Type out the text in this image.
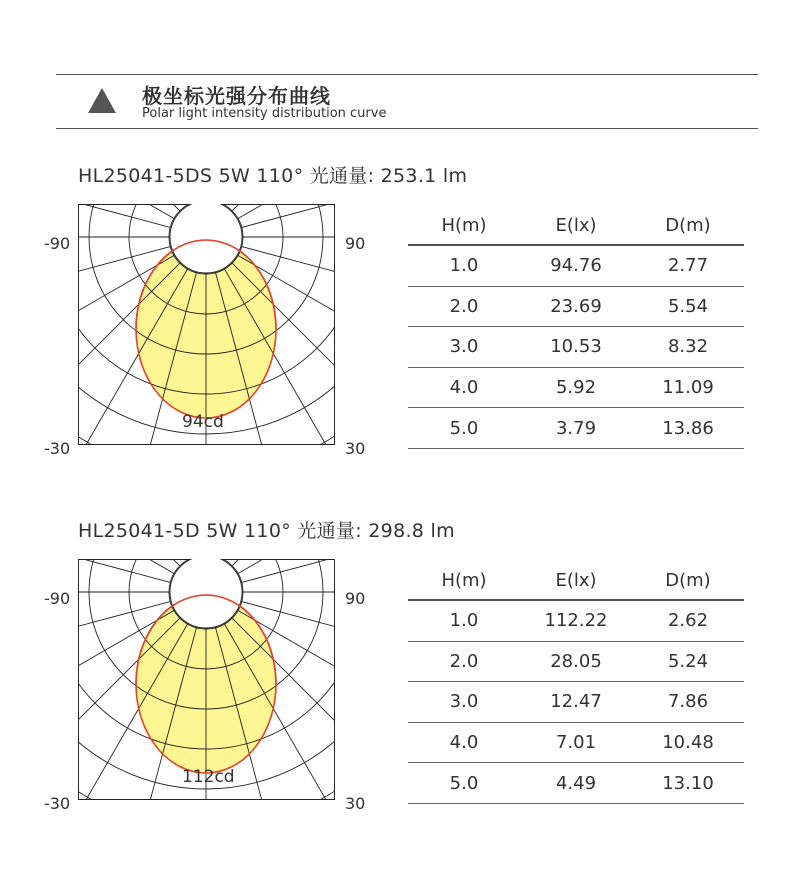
极坐标光强分布曲线
Polar light intensity distribution curve
HL25041-5DS 5W 110° 光通量: 253.1 lm
-90	90
-30	30
94cd
H(m)	E(lx)	D(m)
1.0	94.76	2.77
2.0	23.69	5.54
3.0	10.53	8.32
4.0	5.92	11.09
5.0	3.79	13.86
HL25041-5D 5W 110° 光通量: 298.8 lm
-90	90
-30	30
112cd
H(m)	E(lx)	D(m)
1.0	112.22	2.62
2.0	28.05	5.24
3.0	12.47	7.86
4.0	7.01	10.48
5.0	4.49	13.10
